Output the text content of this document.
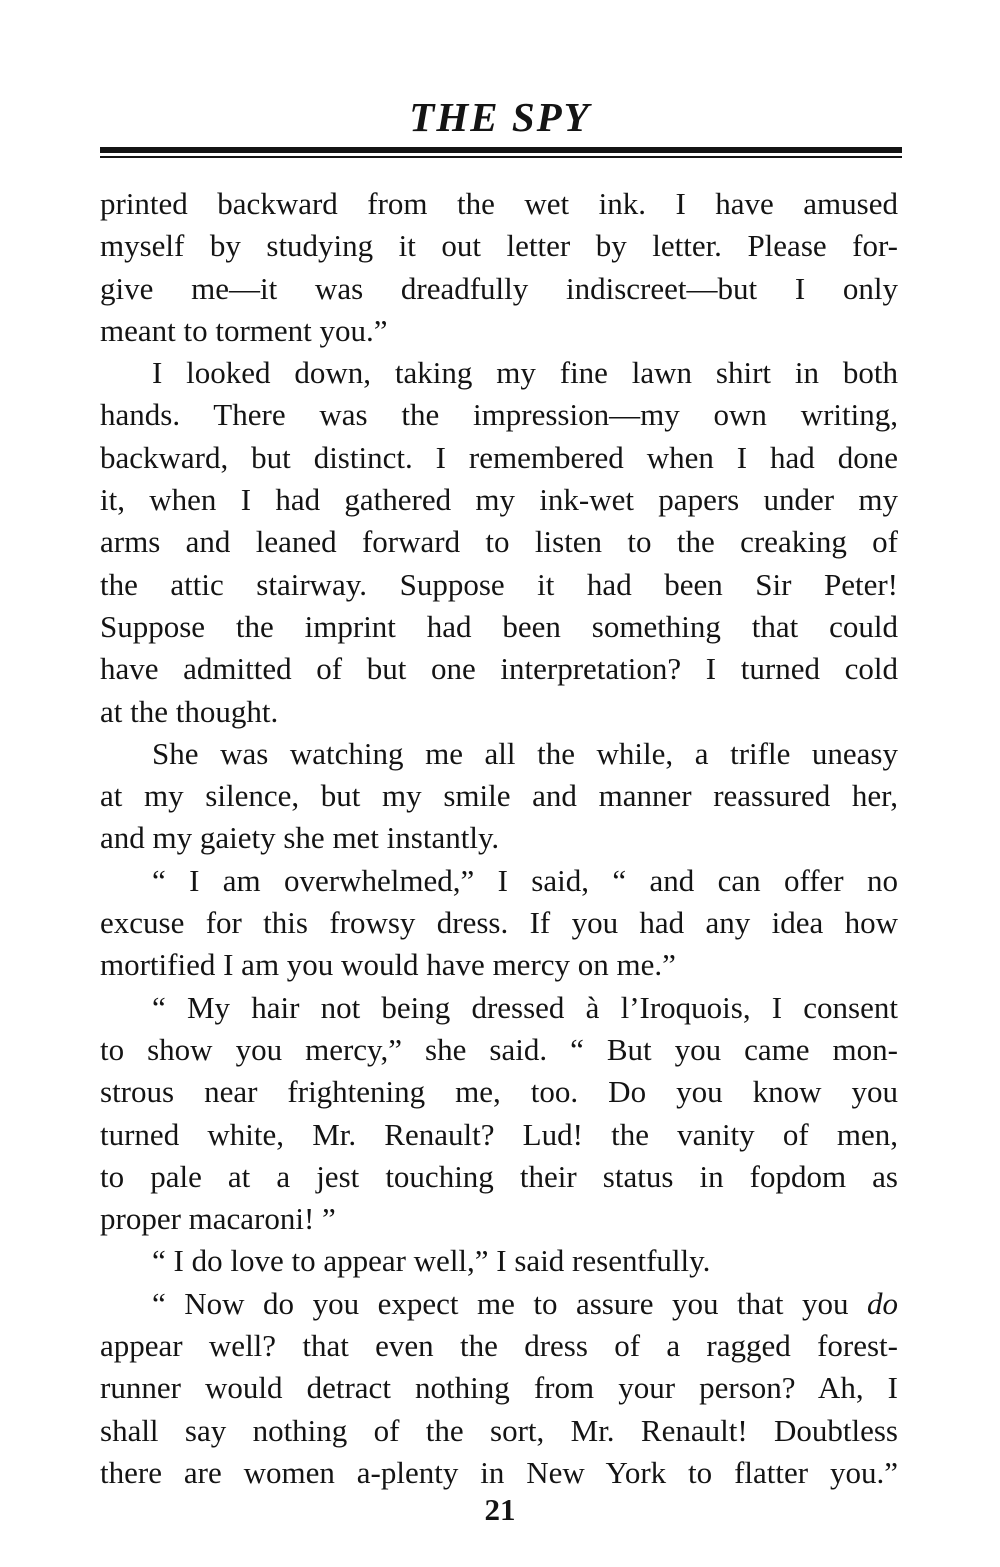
THE SPY
printed backward from the wet ink. I have amused
myself by studying it out letter by letter. Please for-
give me—it was dreadfully indiscreet—but I only
meant to torment you.”
I looked down, taking my fine lawn shirt in both
hands. There was the impression—my own writing,
backward, but distinct. I remembered when I had done
it, when I had gathered my ink-wet papers under my
arms and leaned forward to listen to the creaking of
the attic stairway. Suppose it had been Sir Peter!
Suppose the imprint had been something that could
have admitted of but one interpretation? I turned cold
at the thought.
She was watching me all the while, a trifle uneasy
at my silence, but my smile and manner reassured her,
and my gaiety she met instantly.
“ I am overwhelmed,” I said, “ and can offer no
excuse for this frowsy dress. If you had any idea how
mortified I am you would have mercy on me.”
“ My hair not being dressed à l’Iroquois, I consent
to show you mercy,” she said. “ But you came mon-
strous near frightening me, too. Do you know you
turned white, Mr. Renault? Lud! the vanity of men,
to pale at a jest touching their status in fopdom as
proper macaroni! ”
“ I do love to appear well,” I said resentfully.
“ Now do you expect me to assure you that you do
appear well? that even the dress of a ragged forest-
runner would detract nothing from your person? Ah, I
shall say nothing of the sort, Mr. Renault! Doubtless
there are women a-plenty in New York to flatter you.”
21
